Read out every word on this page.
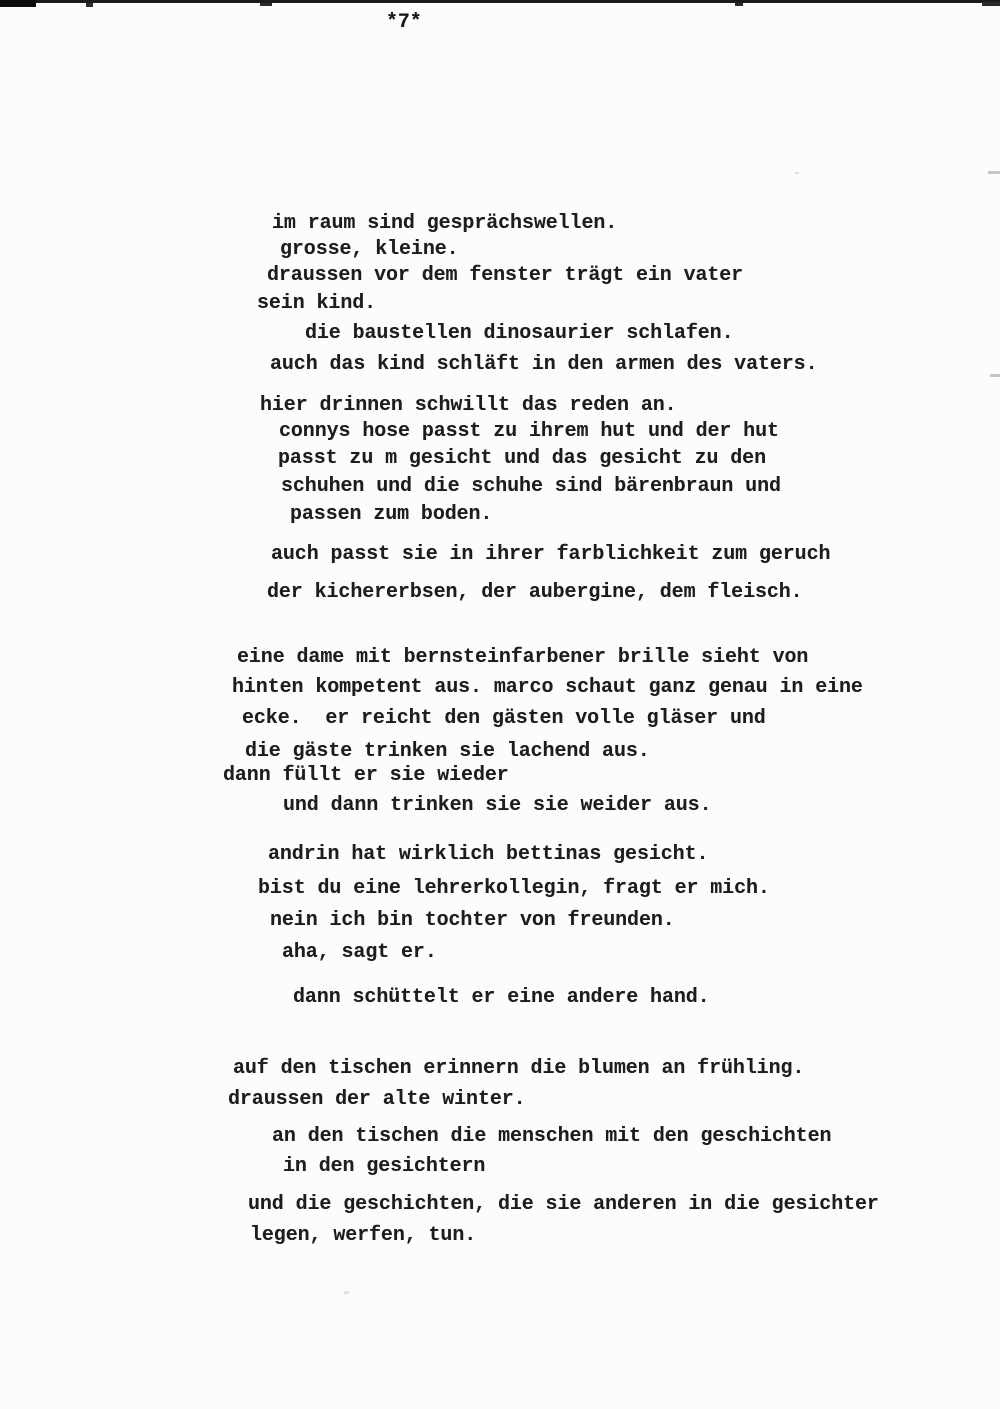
*7*
im raum sind gesprächswellen.
grosse, kleine.
draussen vor dem fenster trägt ein vater
sein kind.
die baustellen dinosaurier schlafen.
auch das kind schläft in den armen des vaters.
hier drinnen schwillt das reden an.
connys hose passt zu ihrem hut und der hut
passt zu m gesicht und das gesicht zu den
schuhen und die schuhe sind bärenbraun und
passen zum boden.
auch passt sie in ihrer farblichkeit zum geruch
der kichererbsen, der aubergine, dem fleisch.
eine dame mit bernsteinfarbener brille sieht von
hinten kompetent aus. marco schaut ganz genau in eine
ecke.  er reicht den gästen volle gläser und
die gäste trinken sie lachend aus.
dann füllt er sie wieder
und dann trinken sie sie weider aus.
andrin hat wirklich bettinas gesicht.
bist du eine lehrerkollegin, fragt er mich.
nein ich bin tochter von freunden.
aha, sagt er.
dann schüttelt er eine andere hand.
auf den tischen erinnern die blumen an frühling.
draussen der alte winter.
an den tischen die menschen mit den geschichten
in den gesichtern
und die geschichten, die sie anderen in die gesichter
legen, werfen, tun.
